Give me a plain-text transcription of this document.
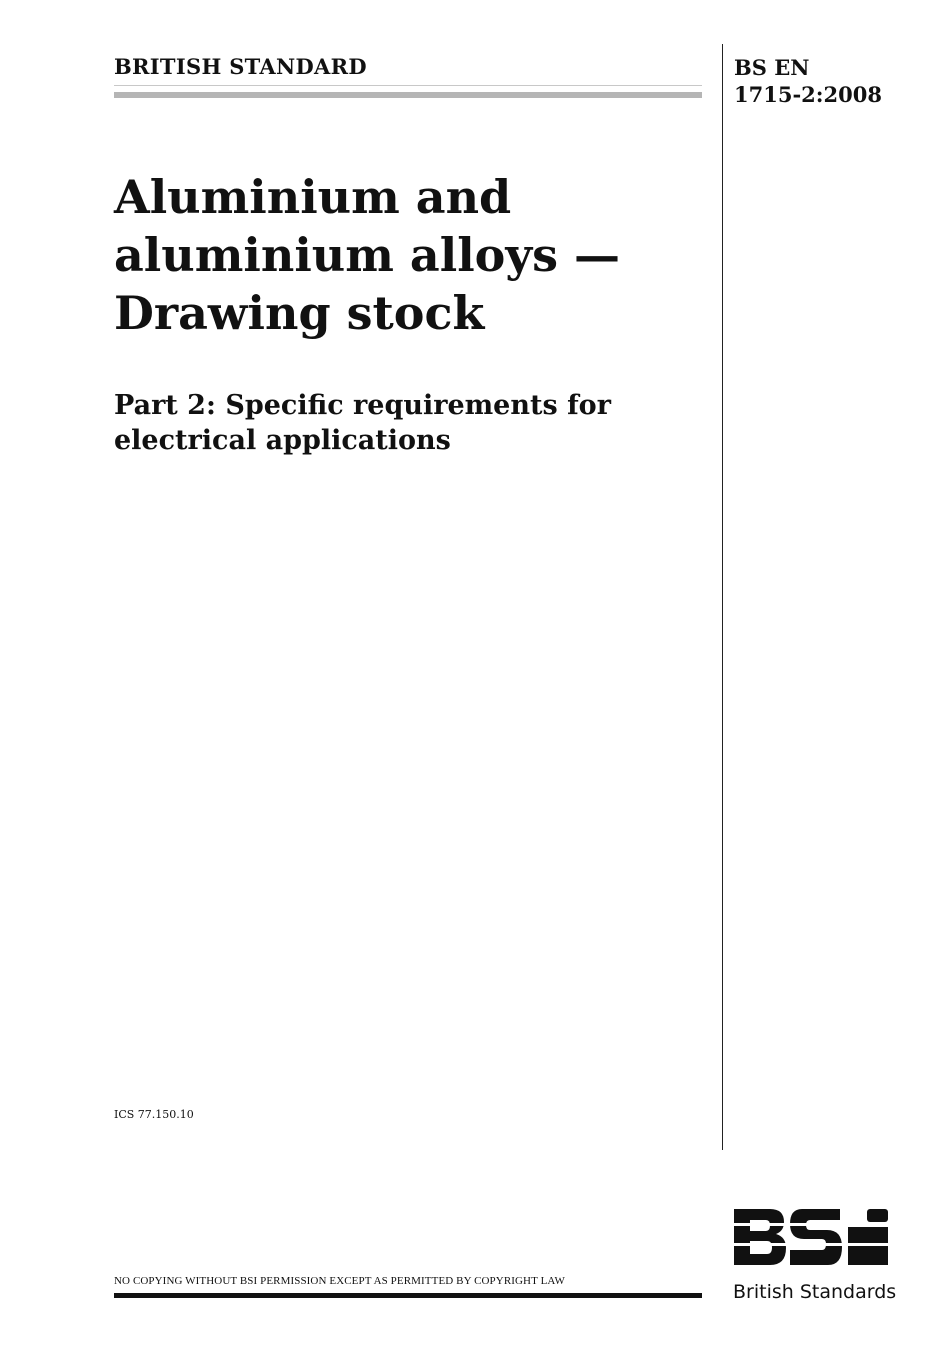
BRITISH STANDARD	BS EN
1715-2:2008
Aluminium and
aluminium alloys —
Drawing stock
Part 2: Specific requirements for
electrical applications
ICS 77.150.10
NO COPYING WITHOUT BSI PERMISSION EXCEPT AS PERMITTED BY COPYRIGHT LAW	British Standards
